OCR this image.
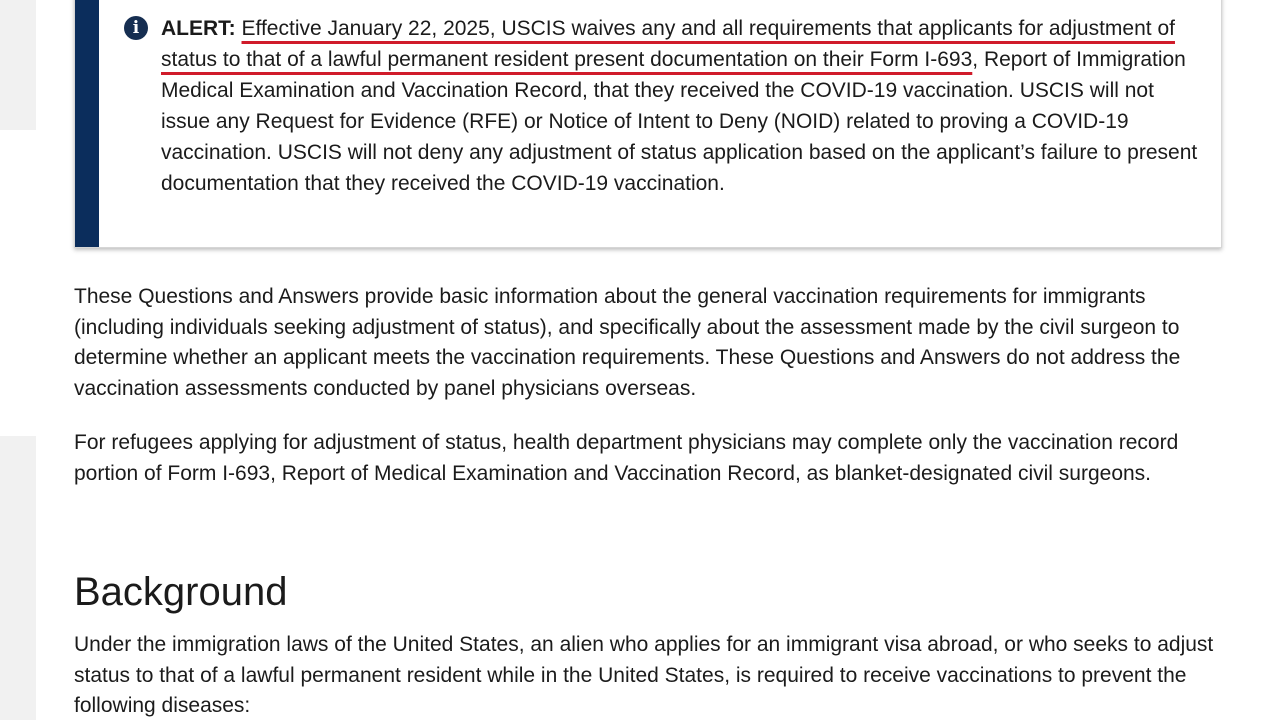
i	ALERT: Effective January 22, 2025, USCIS waives any and all requirements that applicants for adjustment of status to that of a lawful permanent resident present documentation on their Form I-693, Report of Immigration Medical Examination and Vaccination Record, that they received the COVID-19 vaccination. USCIS will not issue any Request for Evidence (RFE) or Notice of Intent to Deny (NOID) related to proving a COVID-19 vaccination. USCIS will not deny any adjustment of status application based on the applicant’s failure to present documentation that they received the COVID-19 vaccination.

These Questions and Answers provide basic information about the general vaccination requirements for immigrants (including individuals seeking adjustment of status), and specifically about the assessment made by the civil surgeon to determine whether an applicant meets the vaccination requirements. These Questions and Answers do not address the vaccination assessments conducted by panel physicians overseas.

For refugees applying for adjustment of status, health department physicians may complete only the vaccination record portion of Form I-693, Report of Medical Examination and Vaccination Record, as blanket-designated civil surgeons.

Background

Under the immigration laws of the United States, an alien who applies for an immigrant visa abroad, or who seeks to adjust status to that of a lawful permanent resident while in the United States, is required to receive vaccinations to prevent the following diseases:
